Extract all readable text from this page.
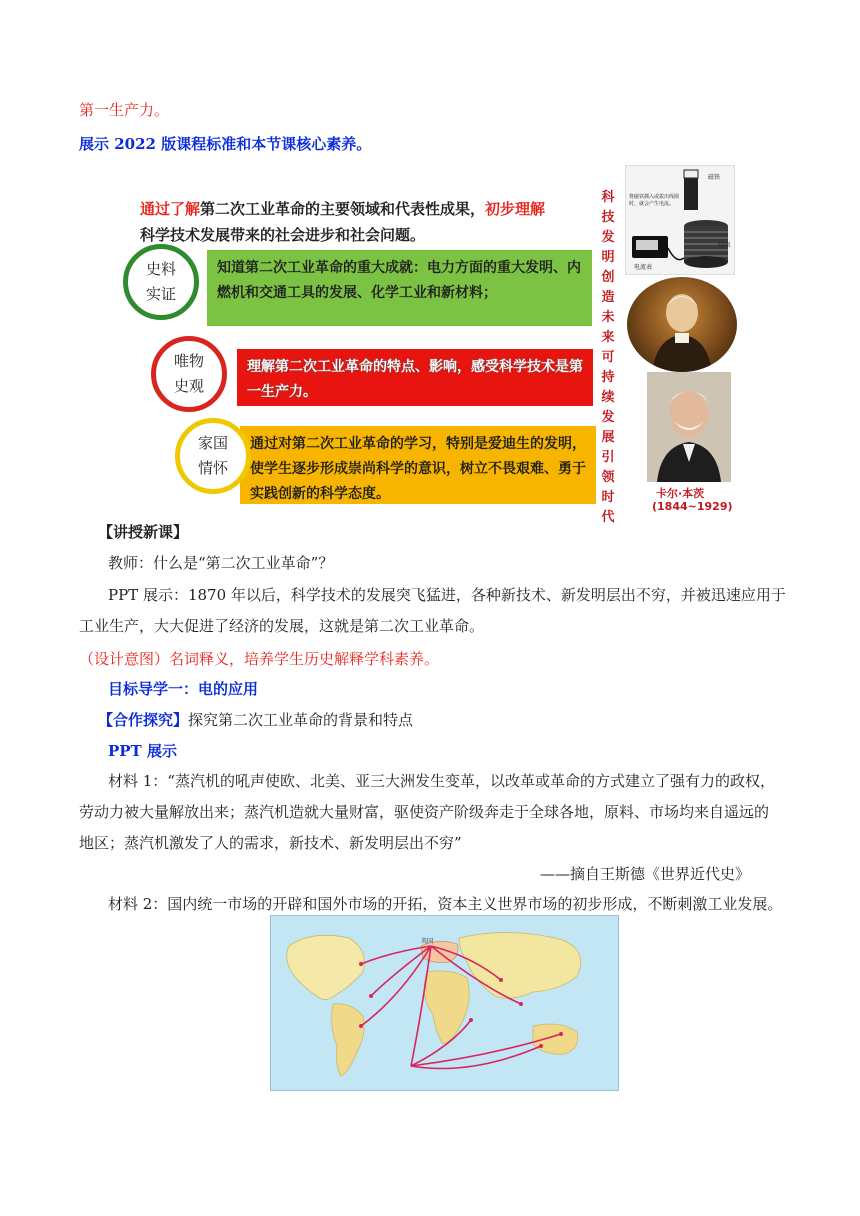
第一生产力。
展示 2022 版课程标准和本节课核心素养。
通过了解第二次工业革命的主要领域和代表性成果，初步理解
科学技术发展带来的社会进步和社会问题。
知道第二次工业革命的重大成就：电力方面的重大发明、内燃机和交通工具的发展、化学工业和新材料；
史料
实证
理解第二次工业革命的特点、影响，感受科学技术是第一生产力。
唯物
史观
通过对第二次工业革命的学习，特别是爱迪生的发明，使学生逐步形成崇尚科学的意识，树立不畏艰难、勇于实践创新的科学态度。
家国
情怀
科
技
发
明
创
造
未
来
可
持
续
发
展
引
领
时
代
磁铁
将磁铁插入或拔出线圈时，就会产生电流。
线圈
电流表
卡尔·本茨
(1844~1929)
【讲授新课】
教师：什么是“第二次工业革命”？
PPT 展示：1870 年以后，科学技术的发展突飞猛进，各种新技术、新发明层出不穷，并被迅速应用于
工业生产，大大促进了经济的发展，这就是第二次工业革命。
（设计意图）名词释义，培养学生历史解释学科素养。
目标导学一：电的应用
【合作探究】探究第二次工业革命的背景和特点
PPT 展示
材料 1：“蒸汽机的吼声使欧、北美、亚三大洲发生变革，以改革或革命的方式建立了强有力的政权，
劳动力被大量解放出来；蒸汽机造就大量财富，驱使资产阶级奔走于全球各地，原料、市场均来自遥远的
地区；蒸汽机激发了人的需求，新技术、新发明层出不穷”
——摘自王斯德《世界近代史》
材料 2：国内统一市场的开辟和国外市场的开拓，资本主义世界市场的初步形成，不断刺激工业发展。
英国
